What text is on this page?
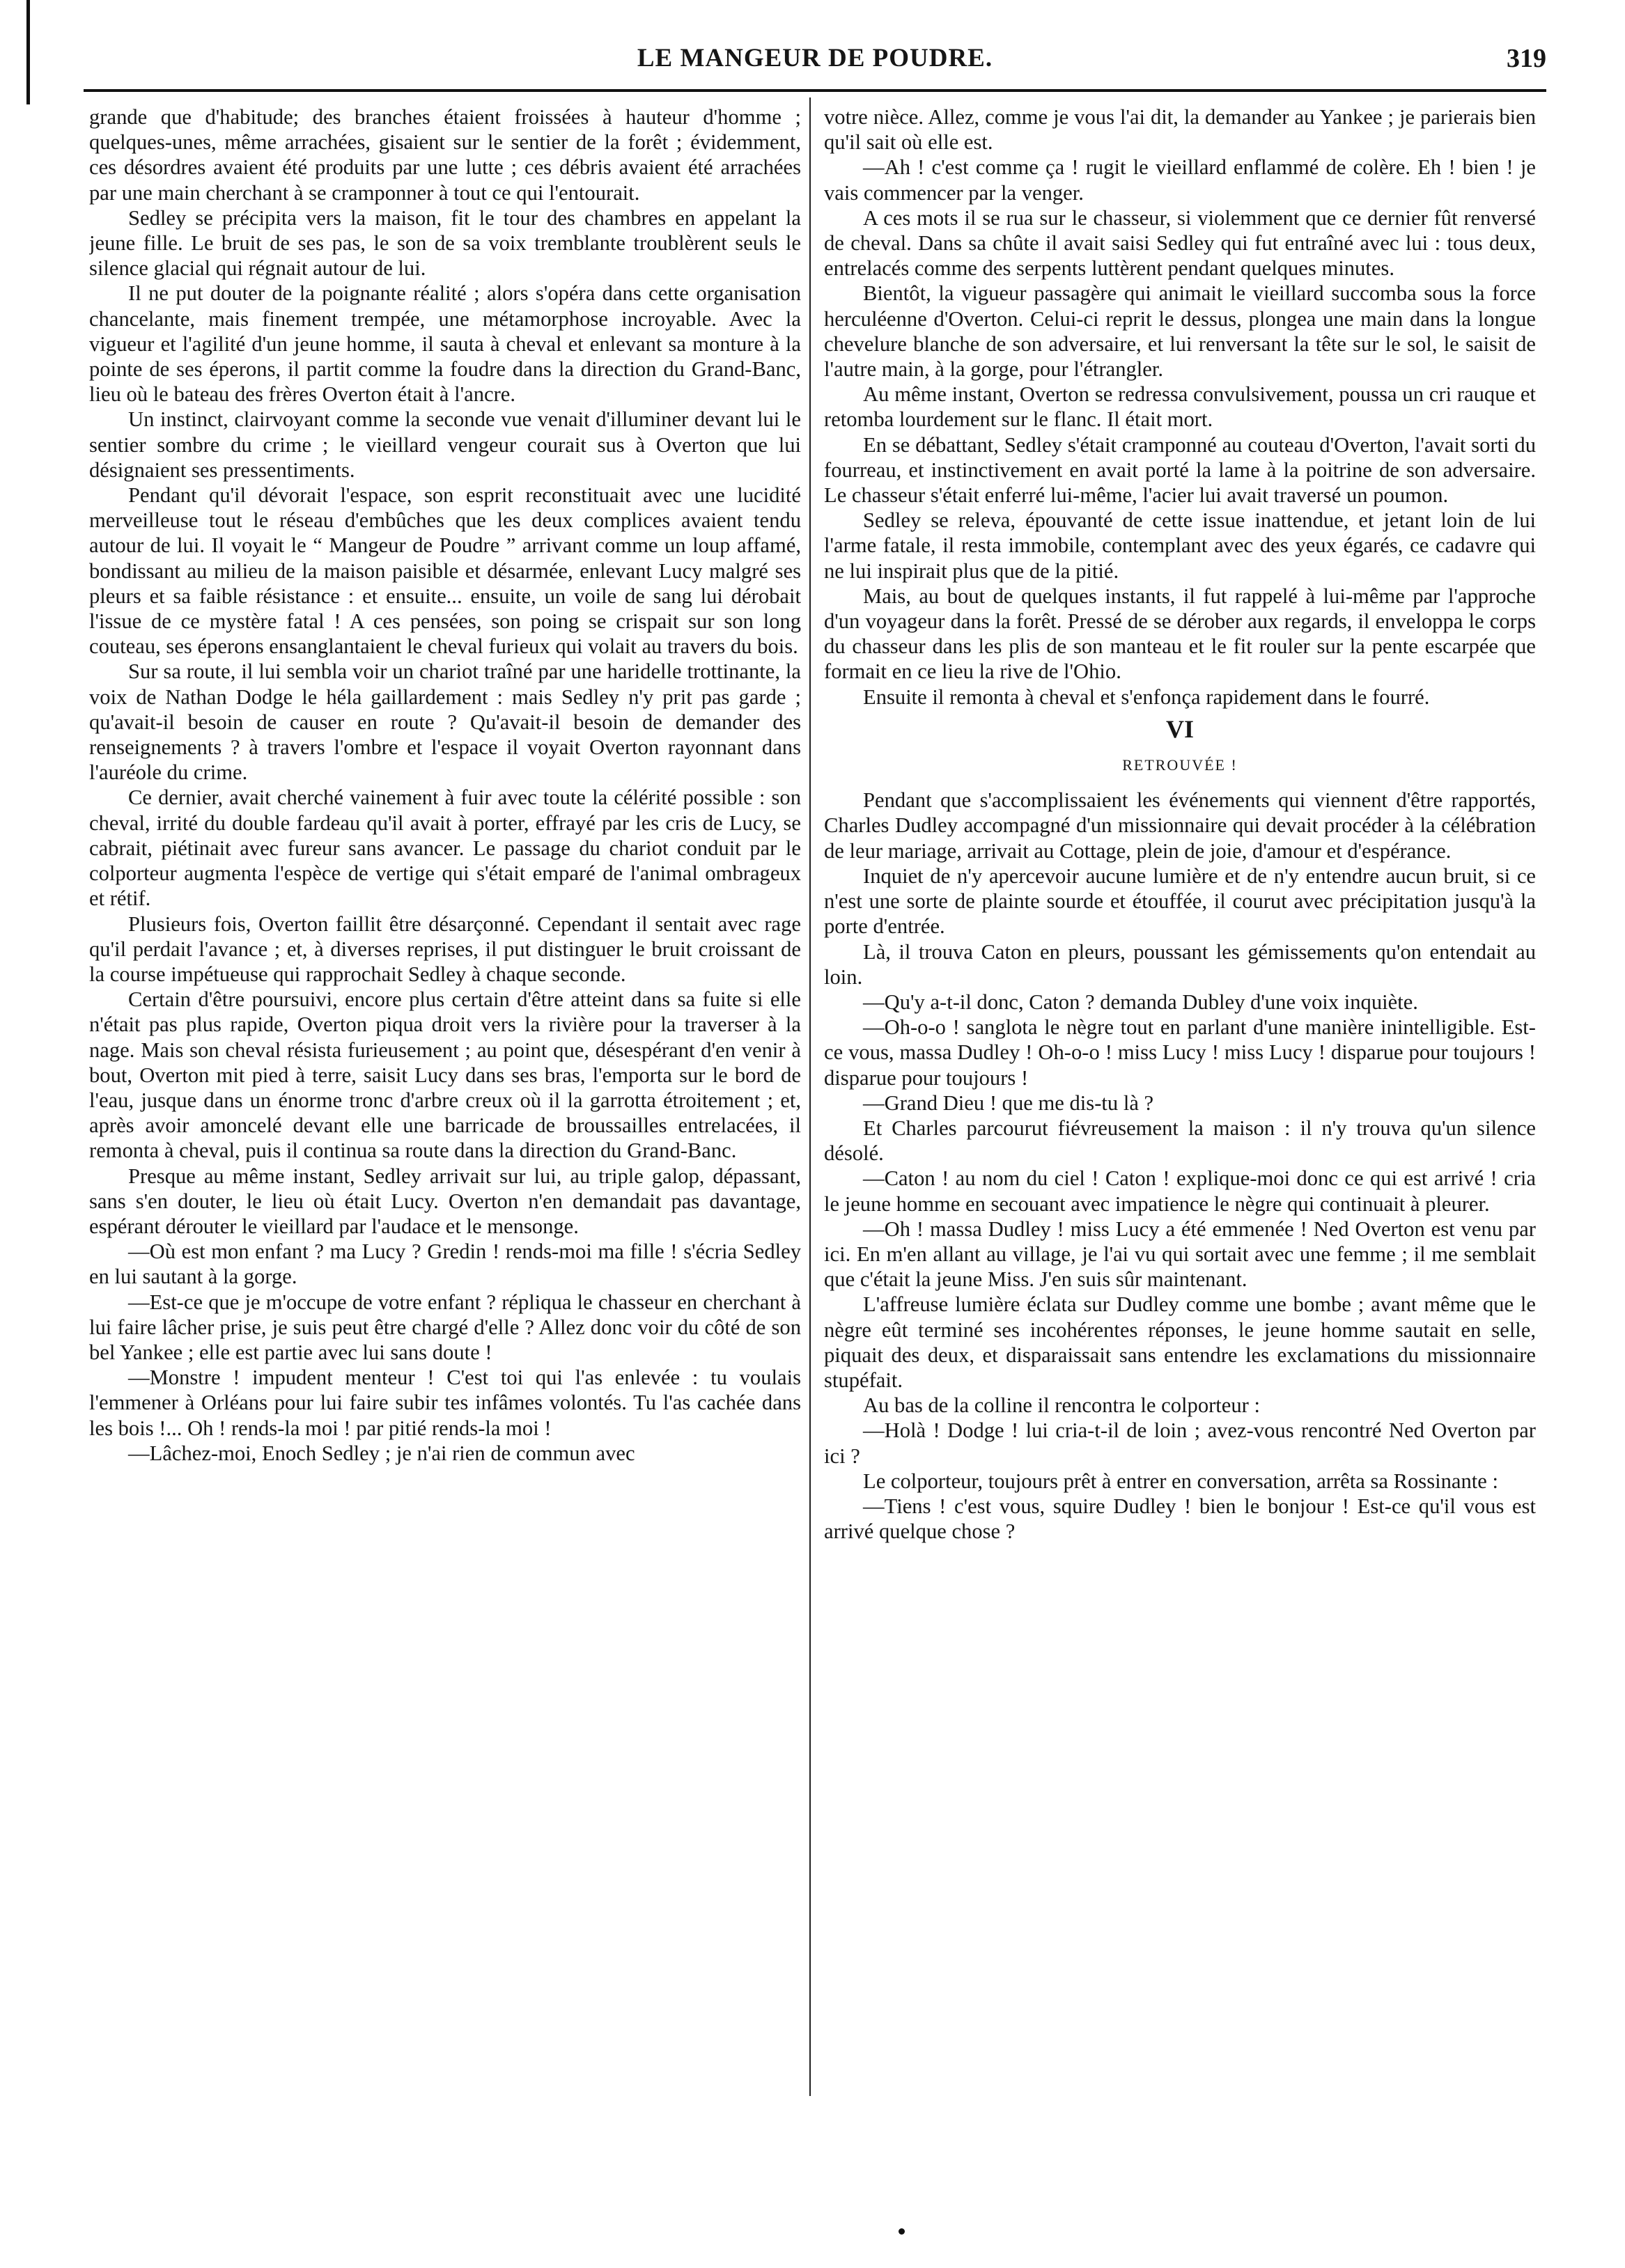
LE MANGEUR DE POUDRE.	319

grande que d'habitude; des branches étaient froissées à hauteur d'homme ; quelques-unes, même arrachées, gisaient sur le sentier de la forêt ; évidemment, ces désordres avaient été produits par une lutte ; ces débris avaient été arrachées par une main cherchant à se cramponner à tout ce qui l'entourait.

Sedley se précipita vers la maison, fit le tour des chambres en appelant la jeune fille. Le bruit de ses pas, le son de sa voix tremblante troublèrent seuls le silence glacial qui régnait autour de lui.

Il ne put douter de la poignante réalité ; alors s'opéra dans cette organisation chancelante, mais finement trempée, une métamorphose incroyable. Avec la vigueur et l'agilité d'un jeune homme, il sauta à cheval et enlevant sa monture à la pointe de ses éperons, il partit comme la foudre dans la direction du Grand-Banc, lieu où le bateau des frères Overton était à l'ancre.

Un instinct, clairvoyant comme la seconde vue venait d'illuminer devant lui le sentier sombre du crime ; le vieillard vengeur courait sus à Overton que lui désignaient ses pressentiments.

Pendant qu'il dévorait l'espace, son esprit reconstituait avec une lucidité merveilleuse tout le réseau d'embûches que les deux complices avaient tendu autour de lui. Il voyait le “ Mangeur de Poudre ” arrivant comme un loup affamé, bondissant au milieu de la maison paisible et désarmée, enlevant Lucy malgré ses pleurs et sa faible résistance : et ensuite... ensuite, un voile de sang lui dérobait l'issue de ce mystère fatal ! A ces pensées, son poing se crispait sur son long couteau, ses éperons ensanglantaient le cheval furieux qui volait au travers du bois.

Sur sa route, il lui sembla voir un chariot traîné par une haridelle trottinante, la voix de Nathan Dodge le héla gaillardement : mais Sedley n'y prit pas garde ; qu'avait-il besoin de causer en route ? Qu'avait-il besoin de demander des renseignements ? à travers l'ombre et l'espace il voyait Overton rayonnant dans l'auréole du crime.

Ce dernier, avait cherché vainement à fuir avec toute la célérité possible : son cheval, irrité du double fardeau qu'il avait à porter, effrayé par les cris de Lucy, se cabrait, piétinait avec fureur sans avancer. Le passage du chariot conduit par le colporteur augmenta l'espèce de vertige qui s'était emparé de l'animal ombrageux et rétif.

Plusieurs fois, Overton faillit être désarçonné. Cependant il sentait avec rage qu'il perdait l'avance ; et, à diverses reprises, il put distinguer le bruit croissant de la course impétueuse qui rapprochait Sedley à chaque seconde.

Certain d'être poursuivi, encore plus certain d'être atteint dans sa fuite si elle n'était pas plus rapide, Overton piqua droit vers la rivière pour la traverser à la nage. Mais son cheval résista furieusement ; au point que, désespérant d'en venir à bout, Overton mit pied à terre, saisit Lucy dans ses bras, l'emporta sur le bord de l'eau, jusque dans un énorme tronc d'arbre creux où il la garrotta étroitement ; et, après avoir amoncelé devant elle une barricade de broussailles entrelacées, il remonta à cheval, puis il continua sa route dans la direction du Grand-Banc.

Presque au même instant, Sedley arrivait sur lui, au triple galop, dépassant, sans s'en douter, le lieu où était Lucy. Overton n'en demandait pas davantage, espérant dérouter le vieillard par l'audace et le mensonge.

—Où est mon enfant ? ma Lucy ? Gredin ! rends-moi ma fille ! s'écria Sedley en lui sautant à la gorge.

—Est-ce que je m'occupe de votre enfant ? répliqua le chasseur en cherchant à lui faire lâcher prise, je suis peut être chargé d'elle ? Allez donc voir du côté de son bel Yankee ; elle est partie avec lui sans doute !

—Monstre ! impudent menteur ! C'est toi qui l'as enlevée : tu voulais l'emmener à Orléans pour lui faire subir tes infâmes volontés. Tu l'as cachée dans les bois !... Oh ! rends-la moi ! par pitié rends-la moi !

—Lâchez-moi, Enoch Sedley ; je n'ai rien de commun avec

votre nièce. Allez, comme je vous l'ai dit, la demander au Yankee ; je parierais bien qu'il sait où elle est.

—Ah ! c'est comme ça ! rugit le vieillard enflammé de colère. Eh ! bien ! je vais commencer par la venger.

A ces mots il se rua sur le chasseur, si violemment que ce dernier fût renversé de cheval. Dans sa chûte il avait saisi Sedley qui fut entraîné avec lui : tous deux, entrelacés comme des serpents luttèrent pendant quelques minutes.

Bientôt, la vigueur passagère qui animait le vieillard succomba sous la force herculéenne d'Overton. Celui-ci reprit le dessus, plongea une main dans la longue chevelure blanche de son adversaire, et lui renversant la tête sur le sol, le saisit de l'autre main, à la gorge, pour l'étrangler.

Au même instant, Overton se redressa convulsivement, poussa un cri rauque et retomba lourdement sur le flanc. Il était mort.

En se débattant, Sedley s'était cramponné au couteau d'Overton, l'avait sorti du fourreau, et instinctivement en avait porté la lame à la poitrine de son adversaire. Le chasseur s'était enferré lui-même, l'acier lui avait traversé un poumon.

Sedley se releva, épouvanté de cette issue inattendue, et jetant loin de lui l'arme fatale, il resta immobile, contemplant avec des yeux égarés, ce cadavre qui ne lui inspirait plus que de la pitié.

Mais, au bout de quelques instants, il fut rappelé à lui-même par l'approche d'un voyageur dans la forêt. Pressé de se dérober aux regards, il enveloppa le corps du chasseur dans les plis de son manteau et le fit rouler sur la pente escarpée que formait en ce lieu la rive de l'Ohio.

Ensuite il remonta à cheval et s'enfonça rapidement dans le fourré.

VI
RETROUVÉE !

Pendant que s'accomplissaient les événements qui viennent d'être rapportés, Charles Dudley accompagné d'un missionnaire qui devait procéder à la célébration de leur mariage, arrivait au Cottage, plein de joie, d'amour et d'espérance.

Inquiet de n'y apercevoir aucune lumière et de n'y entendre aucun bruit, si ce n'est une sorte de plainte sourde et étouffée, il courut avec précipitation jusqu'à la porte d'entrée.

Là, il trouva Caton en pleurs, poussant les gémissements qu'on entendait au loin.

—Qu'y a-t-il donc, Caton ? demanda Dubley d'une voix inquiète.

—Oh-o-o ! sanglota le nègre tout en parlant d'une manière inintelligible. Est-ce vous, massa Dudley ! Oh-o-o ! miss Lucy ! miss Lucy ! disparue pour toujours ! disparue pour toujours !

—Grand Dieu ! que me dis-tu là ?

Et Charles parcourut fiévreusement la maison : il n'y trouva qu'un silence désolé.

—Caton ! au nom du ciel ! Caton ! explique-moi donc ce qui est arrivé ! cria le jeune homme en secouant avec impatience le nègre qui continuait à pleurer.

—Oh ! massa Dudley ! miss Lucy a été emmenée ! Ned Overton est venu par ici. En m'en allant au village, je l'ai vu qui sortait avec une femme ; il me semblait que c'était la jeune Miss. J'en suis sûr maintenant.

L'affreuse lumière éclata sur Dudley comme une bombe ; avant même que le nègre eût terminé ses incohérentes réponses, le jeune homme sautait en selle, piquait des deux, et disparaissait sans entendre les exclamations du missionnaire stupéfait.

Au bas de la colline il rencontra le colporteur :

—Holà ! Dodge ! lui cria-t-il de loin ; avez-vous rencontré Ned Overton par ici ?

Le colporteur, toujours prêt à entrer en conversation, arrêta sa Rossinante :

—Tiens ! c'est vous, squire Dudley ! bien le bonjour ! Est-ce qu'il vous est arrivé quelque chose ?
